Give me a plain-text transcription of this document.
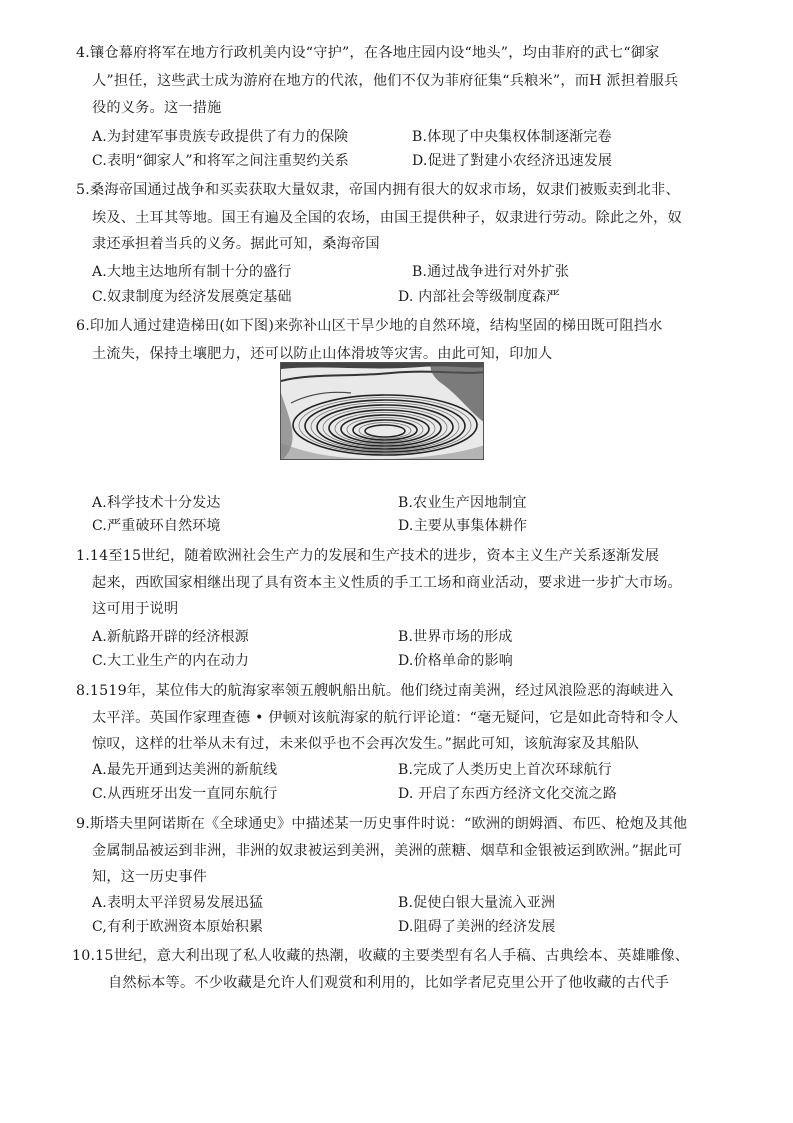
4.镶仓幕府将军在地方行政机美内设“守护”，在各地庄园内设“地头”，均由菲府的武七“御家
人”担任，这些武士成为游府在地方的代浓，他们不仅为菲府征集“兵粮米”，而H 派担着服兵
役的义务。这一措施
A.为封建军事贵族专政提供了有力的保険	B.体现了中央集权体制逐渐完卷
C.表明“御家人”和将军之间注重契约关系	D.促进了對建小农经济迅速发展
5.桑海帝国通过战争和买卖获取大量奴隶，帝国内拥有很大的奴求市场，奴隶们被贩卖到北非、
埃及、土耳其等地。国王有遍及全国的农场，由国王提供种子，奴隶进行劳动。除此之外，奴
隶还承担着当兵的义务。据此可知，桑海帝国
A.大地主达地所有制十分的盛行	B.通过战争进行对外扩张
C.奴隶制度为经济发展奠定基础	D. 内部社会等级制度森严
6.印加人通过建造梯田(如下图)来弥补山区干旱少地的自然环境，结构坚固的梯田既可阻挡水
土流失，保持土壤肥力，还可以防止山体滑坡等灾害。由此可知，印加人
A.科学技术十分发达	B.农业生产因地制宜
C.严重破环自然环境	D.主要从事集体耕作
1.14至15世纪，随着欧洲社会生产力的发展和生产技术的进步，资本主义生产关系逐渐发展
起来，西欧国家相继出现了具有资本主义性质的手工工场和商业活动，要求进一步扩大市场。
这可用于说明
A.新航路开辟的经济根源	B.世界市场的形成
C.大工业生产的内在动力	D.价格单命的影响
8.1519年，某位伟大的航海家率领五艘帆船出航。他们绕过南美洲，经过风浪险恶的海峡进入
太平洋。英国作家理查德 • 伊顿对该航海家的航行评论道：“毫无疑问，它是如此奇特和令人
惊叹，这样的壮举从未有过，未来似乎也不会再次发生。”据此可知，该航海家及其船队
A.最先开通到达美洲的新航线	B.完成了人类历史上首次环球航行
C.从西班牙出发一直同东航行	D. 开启了东西方经济文化交流之路
9.斯塔夫里阿诺斯在《全球通史》中描述某一历史事件时说：“欧洲的朗姆酒、布匹、枪炮及其他
金属制品被运到非洲，非洲的奴隶被运到美洲，美洲的蔗糖、烟草和金银被运到欧洲。”据此可
知，这一历史事件
A.表明太平洋贸易发展迅猛	B.促使白银大量流入亚洲
C,有利于欧洲资本原始积累	D.阻碍了美洲的经济发展
10.15世纪，意大利出现了私人收藏的热潮，收藏的主要类型有名人手稿、古典绘本、英雄雕像、
自然标本等。不少收藏是允许人们观赏和利用的，比如学者尼克里公开了他收藏的古代手
